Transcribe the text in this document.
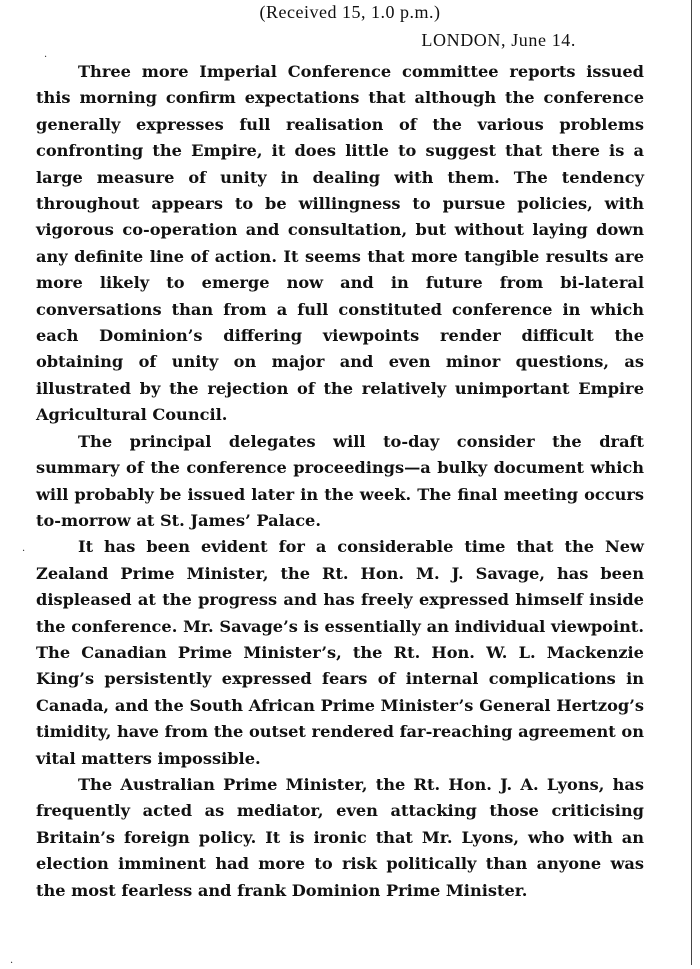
(Received 15, 1.0 p.m.)
LONDON, June 14.

Three more Imperial Conference committee reports issued this morning confirm expectations that although the conference generally expresses full realisation of the various problems confronting the Empire, it does little to suggest that there is a large measure of unity in dealing with them. The tendency throughout appears to be willingness to pursue policies, with vigorous co-operation and consultation, but without laying down any definite line of action. It seems that more tangible results are more likely to emerge now and in future from bi-lateral conversations than from a full constituted conference in which each Dominion’s differing viewpoints render difficult the obtaining of unity on major and even minor questions, as illustrated by the rejection of the relatively unimportant Empire Agricultural Council.

The principal delegates will to-day consider the draft summary of the conference proceedings—a bulky document which will probably be issued later in the week. The final meeting occurs to-morrow at St. James’ Palace.

It has been evident for a considerable time that the New Zealand Prime Minister, the Rt. Hon. M. J. Savage, has been displeased at the progress and has freely expressed himself inside the conference. Mr. Savage’s is essentially an individual viewpoint. The Canadian Prime Minister’s, the Rt. Hon. W. L. Mackenzie King’s persistently expressed fears of internal complications in Canada, and the South African Prime Minister’s General Hertzog’s timidity, have from the outset rendered far-reaching agreement on vital matters impossible.

The Australian Prime Minister, the Rt. Hon. J. A. Lyons, has frequently acted as mediator, even attacking those criticising Britain’s foreign policy. It is ironic that Mr. Lyons, who with an election imminent had more to risk politically than anyone was the most fearless and frank Dominion Prime Minister.

·
·
·
